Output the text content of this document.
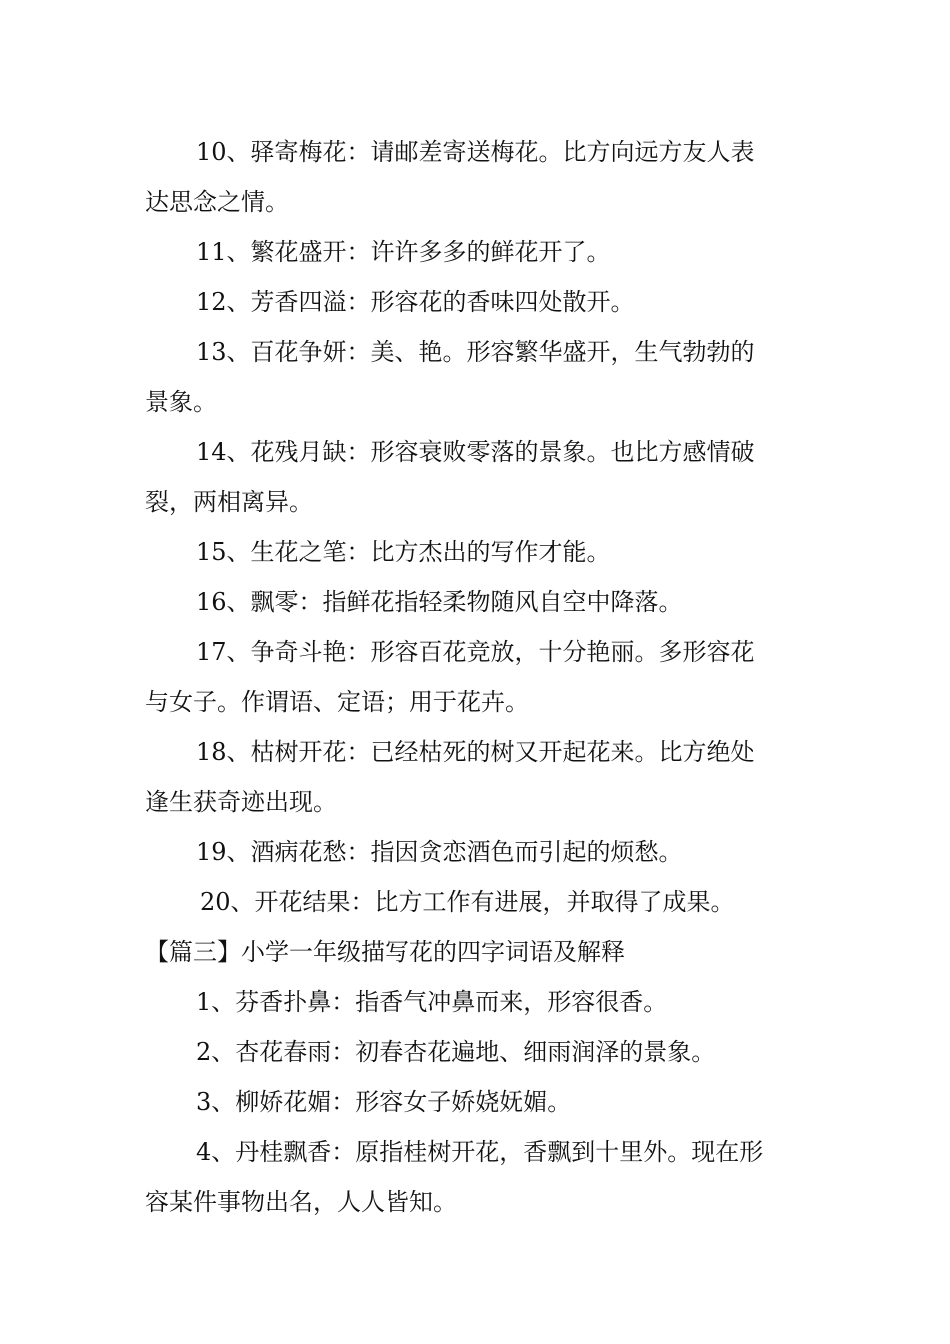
10、驿寄梅花：请邮差寄送梅花。比方向远方友人表
达思念之情。
11、繁花盛开：许许多多的鲜花开了。
12、芳香四溢：形容花的香味四处散开。
13、百花争妍：美、艳。形容繁华盛开，生气勃勃的
景象。
14、花残月缺：形容衰败零落的景象。也比方感情破
裂，两相离异。
15、生花之笔：比方杰出的写作才能。
16、飘零：指鲜花指轻柔物随风自空中降落。
17、争奇斗艳：形容百花竞放，十分艳丽。多形容花
与女子。作谓语、定语；用于花卉。
18、枯树开花：已经枯死的树又开起花来。比方绝处
逢生获奇迹出现。
19、酒病花愁：指因贪恋酒色而引起的烦愁。
20、开花结果：比方工作有进展，并取得了成果。
【篇三】小学一年级描写花的四字词语及解释
1、芬香扑鼻：指香气冲鼻而来，形容很香。
2、杏花春雨：初春杏花遍地、细雨润泽的景象。
3、柳娇花媚：形容女子娇娆妩媚。
4、丹桂飘香：原指桂树开花，香飘到十里外。现在形
容某件事物出名，人人皆知。
